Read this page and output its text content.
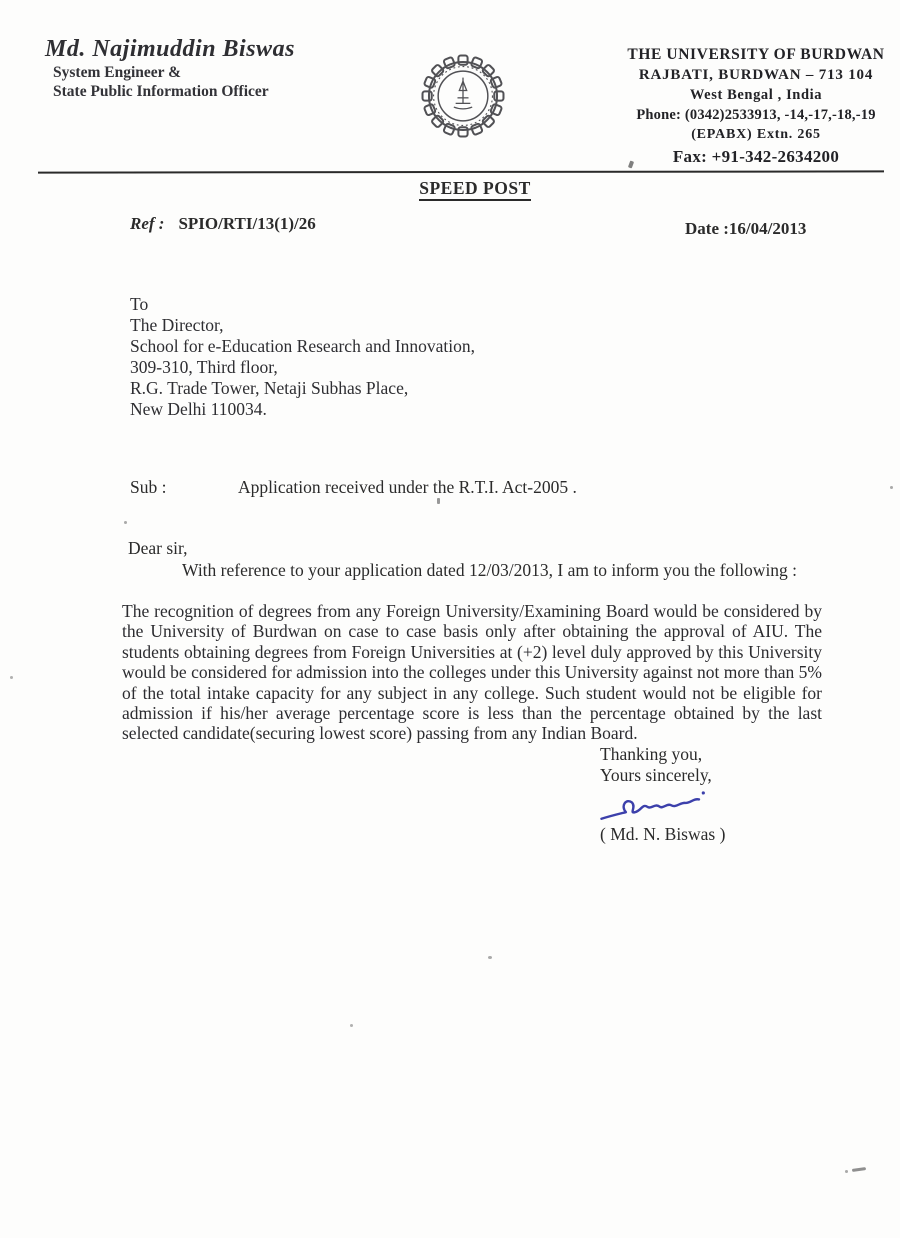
Md. Najimuddin Biswas
System Engineer &
State Public Information Officer
THE UNIVERSITY OF BURDWAN
RAJBATI, BURDWAN – 713 104
West Bengal , India
Phone: (0342)2533913, -14,-17,-18,-19
(EPABX) Extn. 265
Fax: +91-342-2634200
SPEED POST
Ref : SPIO/RTI/13(1)/26	Date :16/04/2013
To
The Director,
School for e-Education Research and Innovation,
309-310, Third floor,
R.G. Trade Tower, Netaji Subhas Place,
New Delhi 110034.
Sub :	Application received under the R.T.I. Act-2005 .
Dear sir,
With reference to your application dated 12/03/2013, I am to inform you the following :
The recognition of degrees from any Foreign University/Examining Board would be considered by the University of Burdwan on case to case basis only after obtaining the approval of AIU. The students obtaining degrees from Foreign Universities at (+2) level duly approved by this University would be considered for admission into the colleges under this University against not more than 5% of the total intake capacity for any subject in any college. Such student would not be eligible for admission if his/her average percentage score is less than the percentage obtained by the last selected candidate(securing lowest score) passing from any Indian Board.
Thanking you,
Yours sincerely,
( Md. N. Biswas )
